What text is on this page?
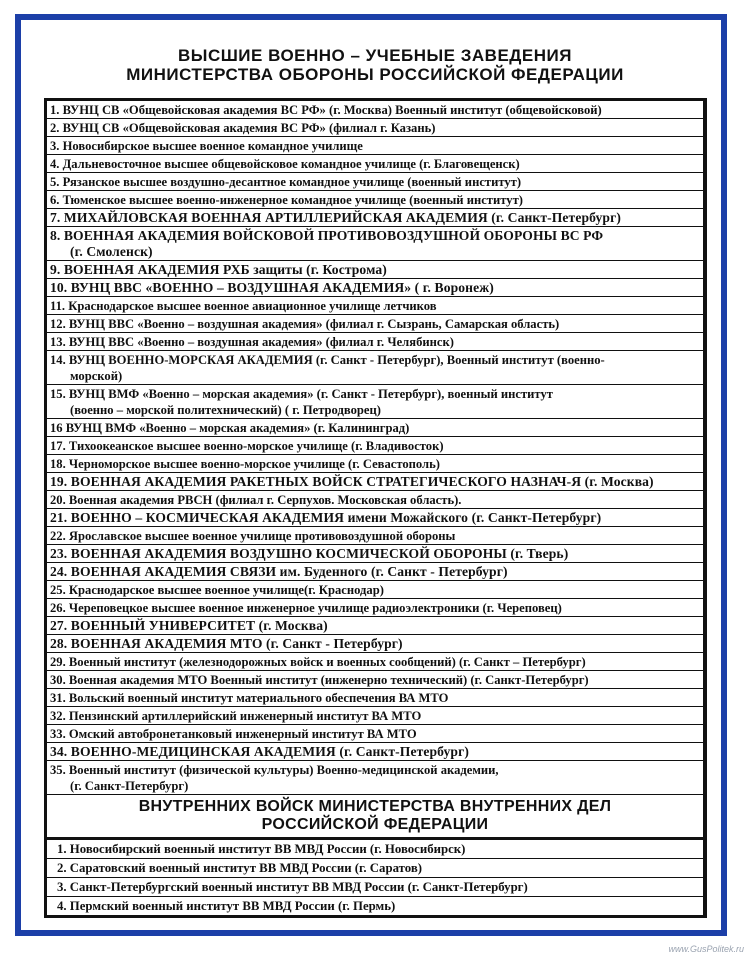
ВЫСШИЕ ВОЕННО – УЧЕБНЫЕ ЗАВЕДЕНИЯ
МИНИСТЕРСТВА ОБОРОНЫ РОССИЙСКОЙ ФЕДЕРАЦИИ
1. ВУНЦ СВ «Общевойсковая академия ВС РФ» (г. Москва) Военный институт (общевойсковой)
2. ВУНЦ СВ «Общевойсковая академия ВС РФ» (филиал г. Казань)
3. Новосибирское высшее военное командное училище
4. Дальневосточное высшее общевойсковое командное училище (г. Благовещенск)
5. Рязанское высшее воздушно-десантное командное училище (военный институт)
6. Тюменское высшее военно-инженерное командное училище (военный институт)
7. МИХАЙЛОВСКАЯ ВОЕННАЯ АРТИЛЛЕРИЙСКАЯ АКАДЕМИЯ (г. Санкт-Петербург)
8. ВОЕННАЯ АКАДЕМИЯ ВОЙСКОВОЙ ПРОТИВОВОЗДУШНОЙ ОБОРОНЫ ВС РФ
(г. Смоленск)
9. ВОЕННАЯ АКАДЕМИЯ РХБ защиты (г. Кострома)
10. ВУНЦ ВВС «ВОЕННО – ВОЗДУШНАЯ АКАДЕМИЯ» ( г. Воронеж)
11. Краснодарское высшее военное авиационное училище летчиков
12. ВУНЦ ВВС «Военно – воздушная академия» (филиал г. Сызрань, Самарская область)
13. ВУНЦ ВВС «Военно – воздушная академия» (филиал г. Челябинск)
14. ВУНЦ ВОЕННО-МОРСКАЯ АКАДЕМИЯ (г. Санкт - Петербург), Военный институт (военно-
морской)
15. ВУНЦ ВМФ «Военно – морская академия» (г. Санкт - Петербург), военный институт
(военно – морской политехнический) ( г. Петродворец)
16 ВУНЦ ВМФ «Военно – морская академия» (г. Калининград)
17. Тихоокеанское высшее военно-морское училище (г. Владивосток)
18. Черноморское высшее военно-морское училище (г. Севастополь)
19. ВОЕННАЯ АКАДЕМИЯ РАКЕТНЫХ ВОЙСК СТРАТЕГИЧЕСКОГО НАЗНАЧ-Я (г. Москва)
20. Военная академия РВСН (филиал г. Серпухов. Московская область).
21. ВОЕННО – КОСМИЧЕСКАЯ АКАДЕМИЯ имени Можайского (г. Санкт-Петербург)
22. Ярославское высшее военное училище противовоздушной обороны
23. ВОЕННАЯ АКАДЕМИЯ ВОЗДУШНО КОСМИЧЕСКОЙ ОБОРОНЫ (г. Тверь)
24. ВОЕННАЯ АКАДЕМИЯ СВЯЗИ им. Буденного (г. Санкт - Петербург)
25. Краснодарское высшее военное училище(г. Краснодар)
26. Череповецкое высшее военное инженерное училище радиоэлектроники (г. Череповец)
27. ВОЕННЫЙ УНИВЕРСИТЕТ (г. Москва)
28. ВОЕННАЯ АКАДЕМИЯ МТО (г. Санкт - Петербург)
29. Военный институт (железнодорожных войск и военных сообщений) (г. Санкт – Петербург)
30. Военная академия МТО Военный институт (инженерно технический) (г. Санкт-Петербург)
31. Вольский военный институт материального обеспечения ВА МТО
32. Пензинский артиллерийский инженерный институт ВА МТО
33. Омский автобронетанковый инженерный институт ВА МТО
34. ВОЕННО-МЕДИЦИНСКАЯ АКАДЕМИЯ (г. Санкт-Петербург)
35. Военный институт (физической культуры) Военно-медицинской академии,
(г. Санкт-Петербург)
ВНУТРЕННИХ ВОЙСК МИНИСТЕРСТВА ВНУТРЕННИХ ДЕЛ
РОССИЙСКОЙ ФЕДЕРАЦИИ
1. Новосибирский военный институт ВВ МВД России (г. Новосибирск)
2. Саратовский военный институт ВВ МВД России (г. Саратов)
3. Санкт-Петербургский военный институт ВВ МВД России (г. Санкт-Петербург)
4. Пермский военный институт ВВ МВД России (г. Пермь)
www.GusPolitek.ru
